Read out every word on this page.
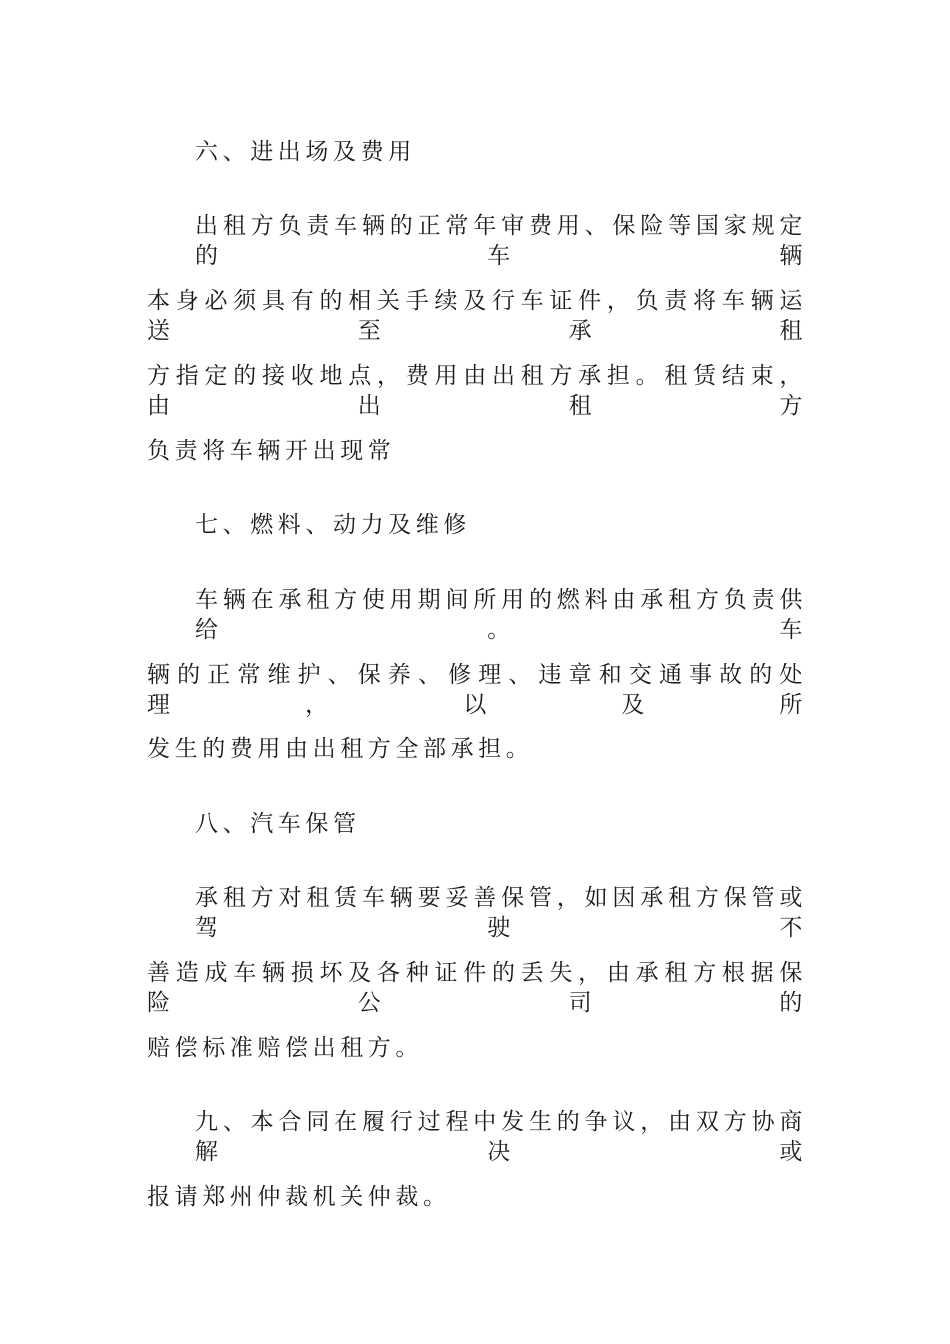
六、进出场及费用
出租方负责车辆的正常年审费用、保险等国家规定的车辆
本身必须具有的相关手续及行车证件，负责将车辆运送至承租
方指定的接收地点，费用由出租方承担。租赁结束，由出租方
负责将车辆开出现常
七、燃料、动力及维修
车辆在承租方使用期间所用的燃料由承租方负责供给。车
辆的正常维护、保养、修理、违章和交通事故的处理，以及所
发生的费用由出租方全部承担。
八、汽车保管
承租方对租赁车辆要妥善保管，如因承租方保管或驾驶不
善造成车辆损坏及各种证件的丢失，由承租方根据保险公司的
赔偿标准赔偿出租方。
九、本合同在履行过程中发生的争议，由双方协商解决或
报请郑州仲裁机关仲裁。
